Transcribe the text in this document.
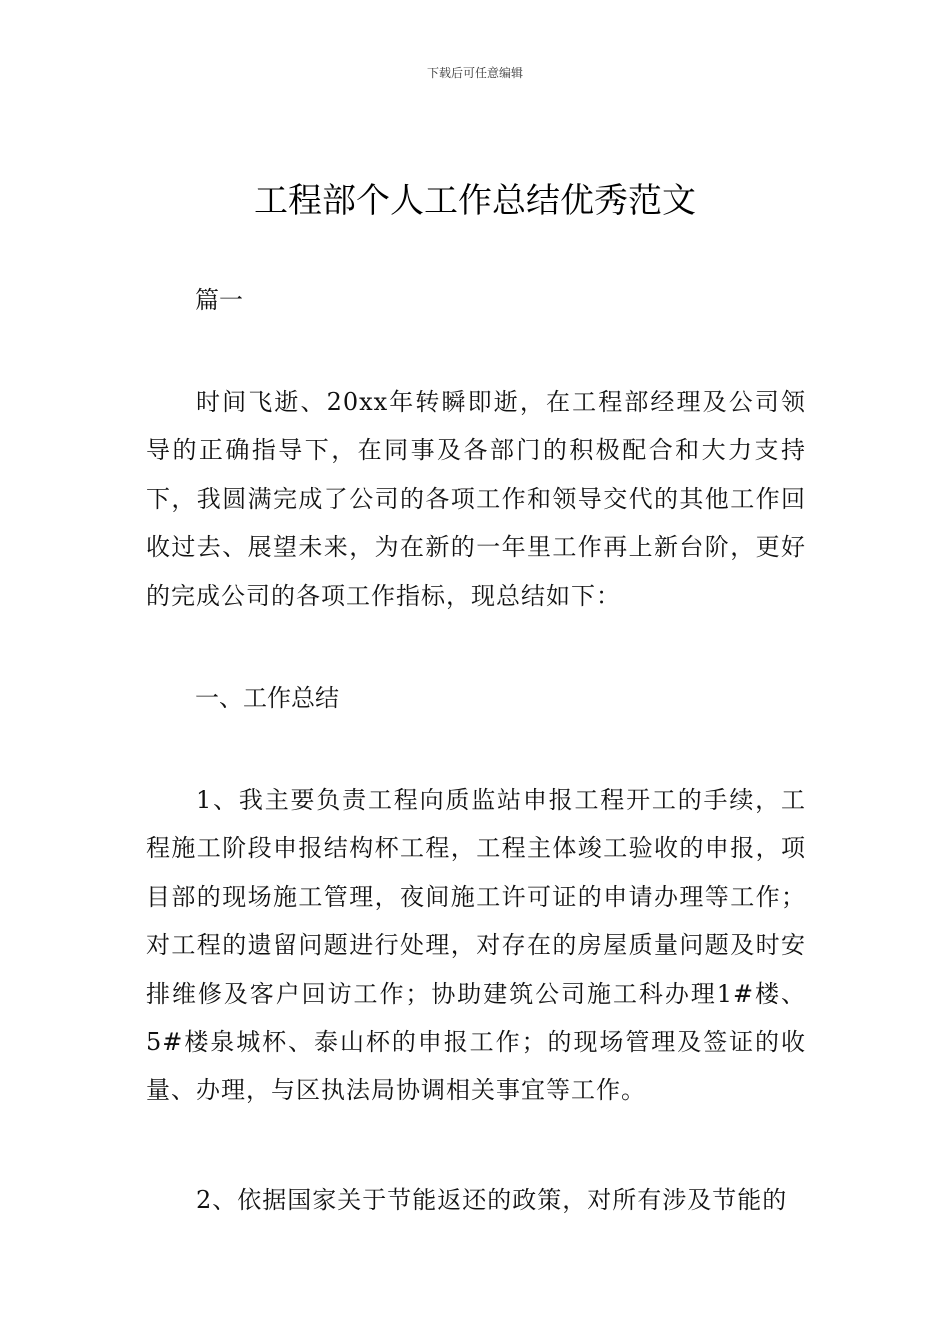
下载后可任意编辑
工程部个人工作总结优秀范文

篇一

时间飞逝、20xx年转瞬即逝，在工程部经理及公司领导的正确指导下，在同事及各部门的积极配合和大力支持下，我圆满完成了公司的各项工作和领导交代的其他工作回收过去、展望未来，为在新的一年里工作再上新台阶，更好的完成公司的各项工作指标，现总结如下：

一、工作总结

1、我主要负责工程向质监站申报工程开工的手续，工程施工阶段申报结构杯工程，工程主体竣工验收的申报，项目部的现场施工管理，夜间施工许可证的申请办理等工作；对工程的遗留问题进行处理，对存在的房屋质量问题及时安排维修及客户回访工作；协助建筑公司施工科办理1#楼、5#楼泉城杯、泰山杯的申报工作；的现场管理及签证的收量、办理，与区执法局协调相关事宜等工作。

2、依据国家关于节能返还的政策，对所有涉及节能的
